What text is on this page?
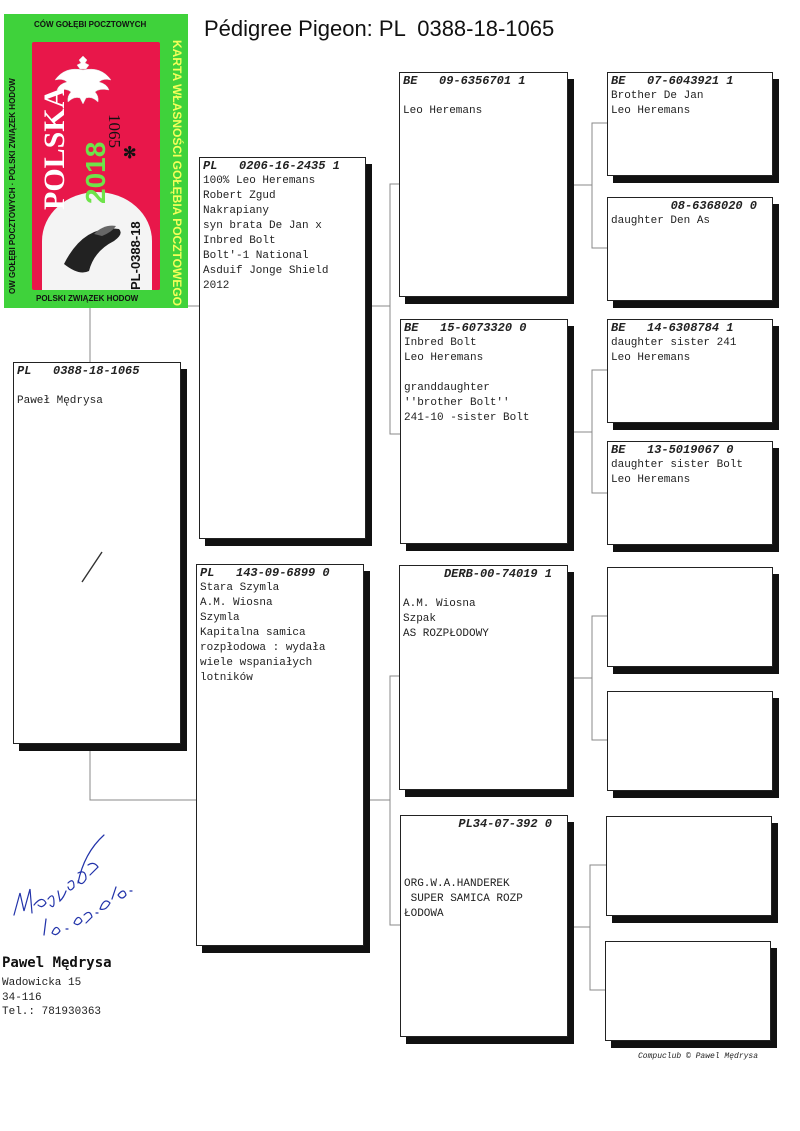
Pédigree Pigeon: PL  0388-18-1065
POLSKA 2018
PL-0388-18
1065
✻	KARTA WŁASNOŚCI GOŁĘBIA POCZTOWEGO
OW GOŁĘBI POCZTOWYCH · POLSKI ZWIĄZEK HODOW
CÓW GOŁĘBI POCZTOWYCH
POLSKI ZWIĄZEK HODOW
PL   0388-18-1065
Paweł Mędrysa
PL   0206-16-2435 1
100% Leo Heremans
Robert Zgud
Nakrapiany
syn brata De Jan x
Inbred Bolt
Bolt'-1 National
Asduif Jonge Shield
2012
PL   143-09-6899 0
Stara Szymla
A.M. Wiosna
Szymla
Kapitalna samica
rozpłodowa : wydała
wiele wspaniałych
lotników
BE   09-6356701 1
Leo Heremans
BE   15-6073320 0
Inbred Bolt
Leo Heremans
granddaughter
''brother Bolt''
241-10 -sister Bolt
DERB-00-74019 1
A.M. Wiosna
Szpak
AS ROZPŁODOWY
PL34-07-392 0
ORG.W.A.HANDEREK
SUPER SAMICA ROZP
ŁODOWA
BE   07-6043921 1
Brother De Jan
Leo Heremans
08-6368020 0
daughter Den As
BE   14-6308784 1
daughter sister 241
Leo Heremans
BE   13-5019067 0
daughter sister Bolt
Leo Heremans
Pawel Mędrysa
Wadowicka 15
34-116
Tel.: 781930363
Compuclub © Pawel Mędrysa
